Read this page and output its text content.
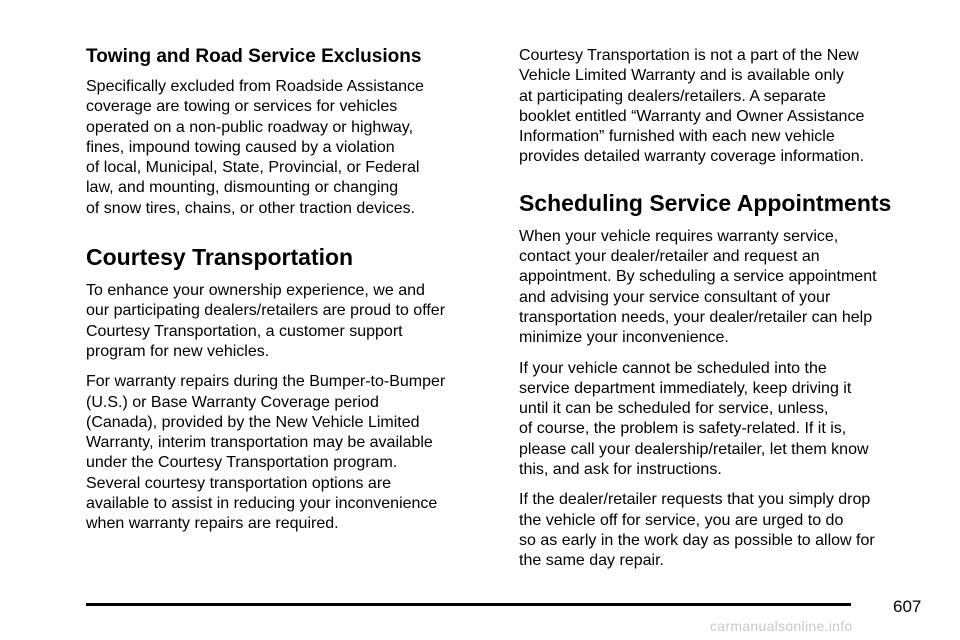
Towing and Road Service Exclusions

Specifically excluded from Roadside Assistance
coverage are towing or services for vehicles
operated on a non-public roadway or highway,
fines, impound towing caused by a violation
of local, Municipal, State, Provincial, or Federal
law, and mounting, dismounting or changing
of snow tires, chains, or other traction devices.

Courtesy Transportation

To enhance your ownership experience, we and
our participating dealers/retailers are proud to offer
Courtesy Transportation, a customer support
program for new vehicles.

For warranty repairs during the Bumper-to-Bumper
(U.S.) or Base Warranty Coverage period
(Canada), provided by the New Vehicle Limited
Warranty, interim transportation may be available
under the Courtesy Transportation program.
Several courtesy transportation options are
available to assist in reducing your inconvenience
when warranty repairs are required.

Courtesy Transportation is not a part of the New
Vehicle Limited Warranty and is available only
at participating dealers/retailers. A separate
booklet entitled “Warranty and Owner Assistance
Information” furnished with each new vehicle
provides detailed warranty coverage information.

Scheduling Service Appointments

When your vehicle requires warranty service,
contact your dealer/retailer and request an
appointment. By scheduling a service appointment
and advising your service consultant of your
transportation needs, your dealer/retailer can help
minimize your inconvenience.

If your vehicle cannot be scheduled into the
service department immediately, keep driving it
until it can be scheduled for service, unless,
of course, the problem is safety-related. If it is,
please call your dealership/retailer, let them know
this, and ask for instructions.

If the dealer/retailer requests that you simply drop
the vehicle off for service, you are urged to do
so as early in the work day as possible to allow for
the same day repair.

607
carmanualsonline.info
